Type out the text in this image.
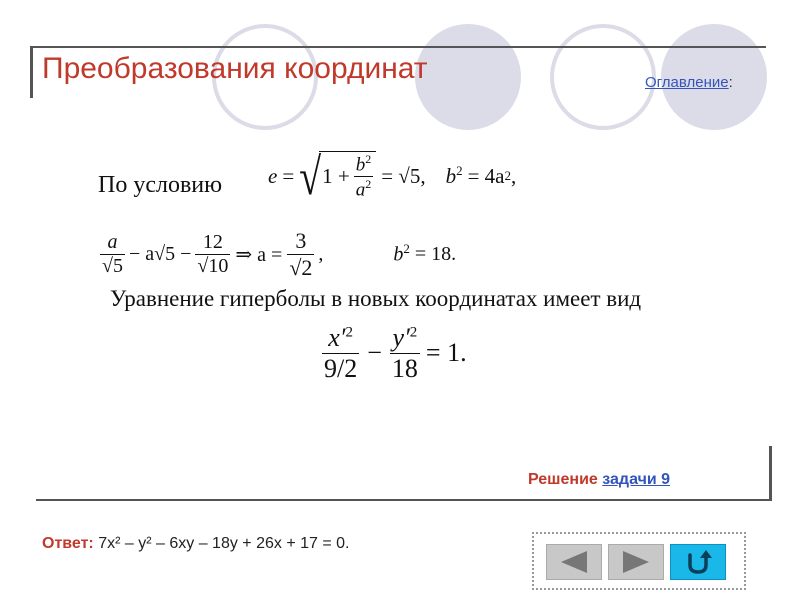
Преобразования координат	Оглавление:
По условию e = √ $1 + \frac{b^2}{a^2} = √5$, $b^2 = 4a$ 2 ,
$\frac{a}{√5} - a√5 - \frac{12}{√10}$ ⇒ $a = \frac{3}{√2}$ ,	$b^2 = 18$.
Уравнение гиперболы в новых координатах имеет вид
$\frac{x'^2}{9/2} - \frac{y'^2}{18} = 1$.
Решение задачи 9
Ответ: 7x² – y² – 6xy – 18y + 26x + 17 = 0.
